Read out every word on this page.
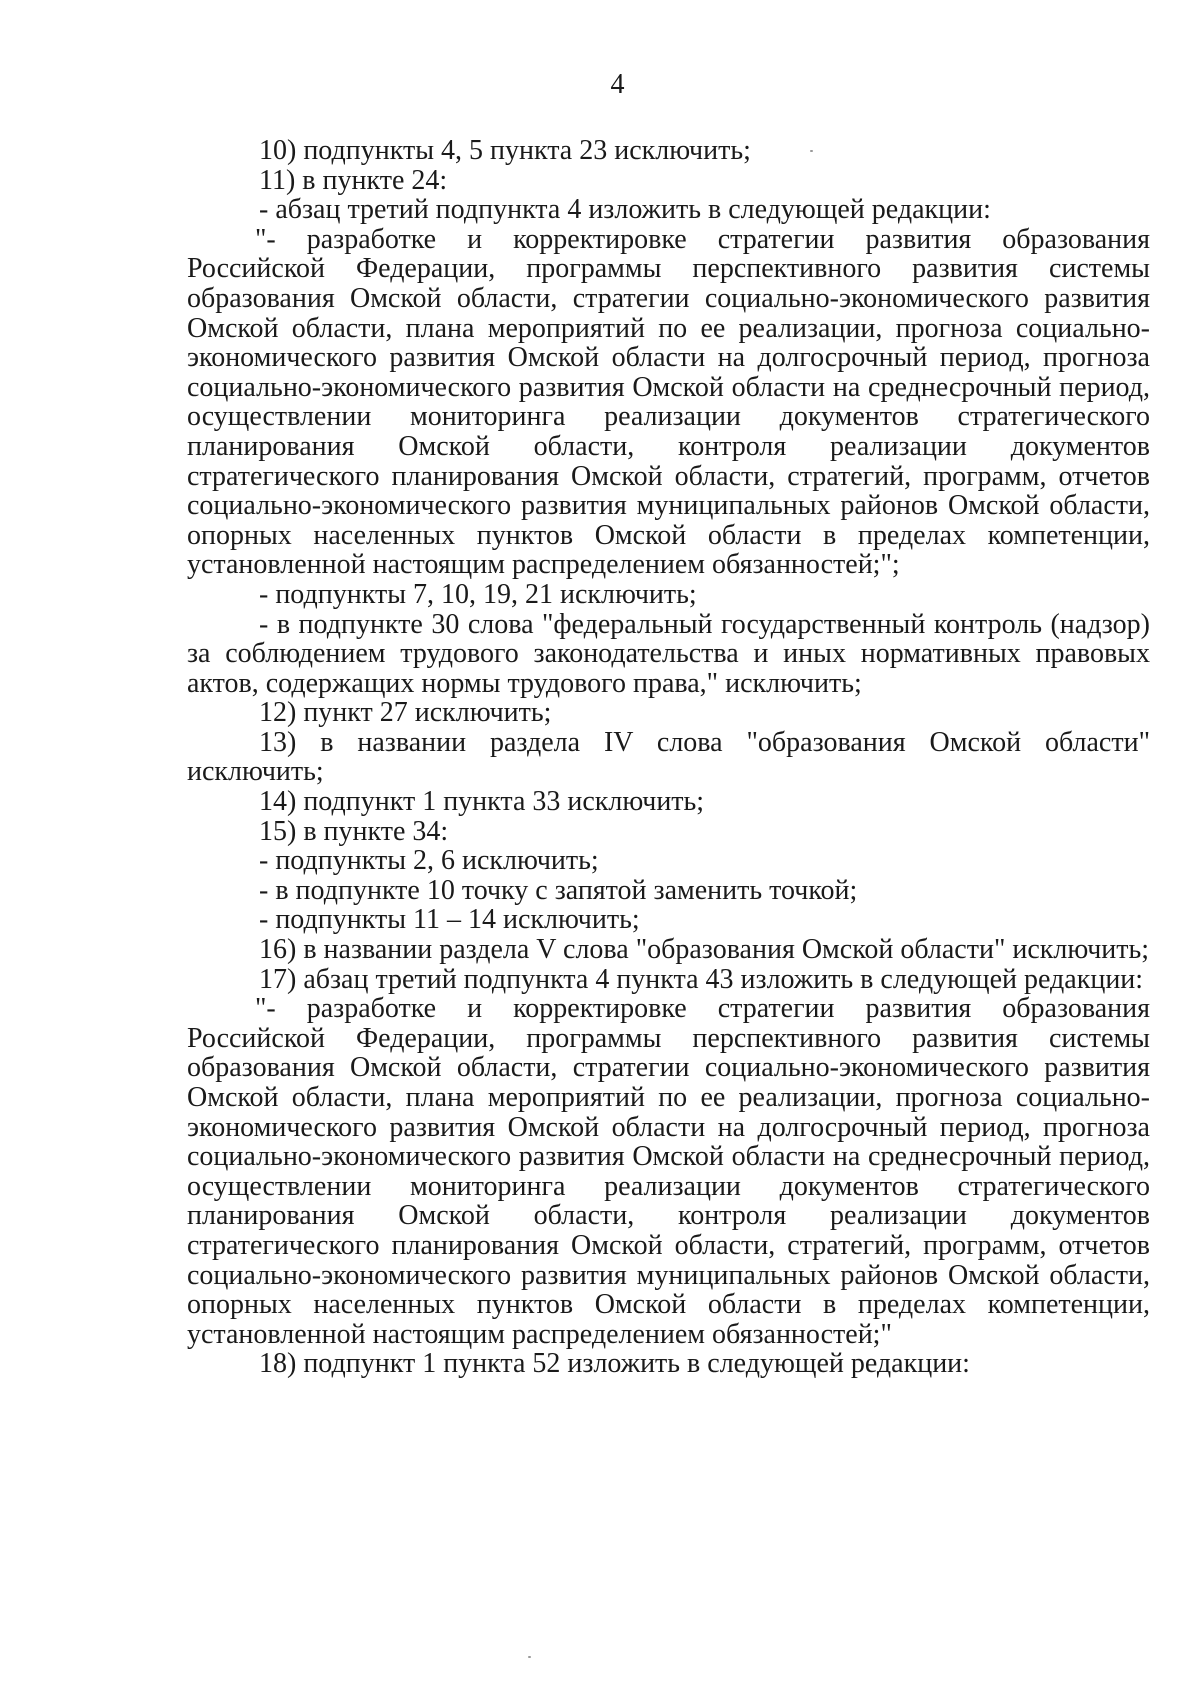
4

10) подпункты 4, 5 пункта 23 исключить;

11) в пункте 24:

- абзац третий подпункта 4 изложить в следующей редакции:

"- разработке и корректировке стратегии развития образования Российской Федерации, программы перспективного развития системы образования Омской области, стратегии социально-экономического развития Омской области, плана мероприятий по ее реализации, прогноза социально-экономического развития Омской области на долгосрочный период, прогноза социально-экономического развития Омской области на среднесрочный период, осуществлении мониторинга реализации документов стратегического планирования Омской области, контроля реализации документов стратегического планирования Омской области, стратегий, программ, отчетов социально-экономического развития муниципальных районов Омской области, опорных населенных пунктов Омской области в пределах компетенции, установленной настоящим распределением обязанностей;";

- подпункты 7, 10, 19, 21 исключить;

- в подпункте 30 слова "федеральный государственный контроль (надзор) за соблюдением трудового законодательства и иных нормативных правовых актов, содержащих нормы трудового права," исключить;

12) пункт 27 исключить;

13) в названии раздела IV слова "образования Омской области" исключить;

14) подпункт 1 пункта 33 исключить;

15) в пункте 34:

- подпункты 2, 6 исключить;

- в подпункте 10 точку с запятой заменить точкой;

- подпункты 11 – 14 исключить;

16) в названии раздела V слова "образования Омской области" исключить;

17) абзац третий подпункта 4 пункта 43 изложить в следующей редакции:

"- разработке и корректировке стратегии развития образования Российской Федерации, программы перспективного развития системы образования Омской области, стратегии социально-экономического развития Омской области, плана мероприятий по ее реализации, прогноза социально-экономического развития Омской области на долгосрочный период, прогноза социально-экономического развития Омской области на среднесрочный период, осуществлении мониторинга реализации документов стратегического планирования Омской области, контроля реализации документов стратегического планирования Омской области, стратегий, программ, отчетов социально-экономического развития муниципальных районов Омской области, опорных населенных пунктов Омской области в пределах компетенции, установленной настоящим распределением обязанностей;"

18) подпункт 1 пункта 52 изложить в следующей редакции:
